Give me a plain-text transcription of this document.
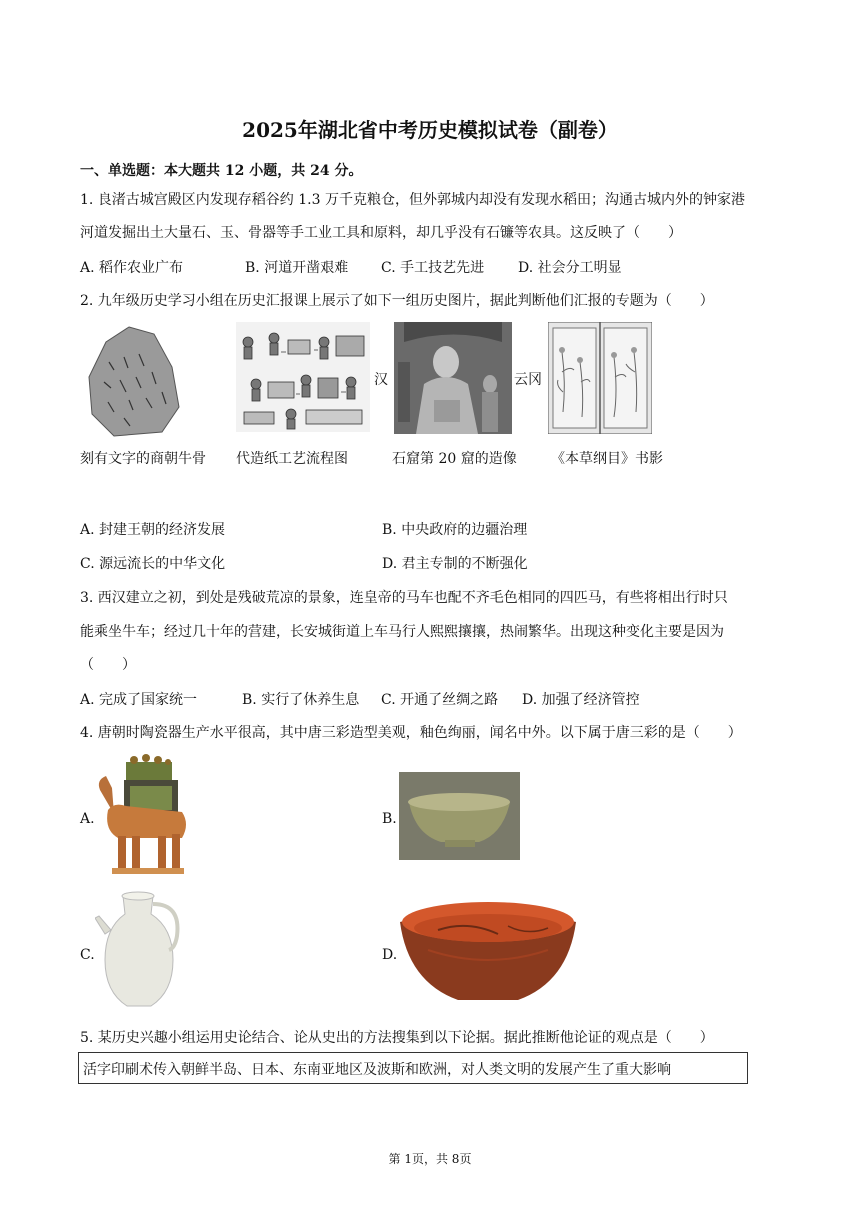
2025年湖北省中考历史模拟试卷（副卷）
一、单选题：本大题共 12 小题，共 24 分。
1. 良渚古城宫殿区内发现存稻谷约 1.3 万千克粮仓，但外郭城内却没有发现水稻田；沟通古城内外的钟家港
河道发掘出土大量石、玉、骨器等手工业工具和原料，却几乎没有石镰等农具。这反映了（　　）
A. 稻作农业广布	B. 河道开凿艰难 C. 手工技艺先进 D. 社会分工明显
2. 九年级历史学习小组在历史汇报课上展示了如下一组历史图片，据此判断他们汇报的专题为（　　）
汉	云冈
刻有文字的商朝牛骨 代造纸工艺流程图	石窟第 20 窟的造像 《本草纲目》书影
A. 封建王朝的经济发展	B. 中央政府的边疆治理
C. 源远流长的中华文化	D. 君主专制的不断强化
3. 西汉建立之初，到处是残破荒凉的景象，连皇帝的马车也配不齐毛色相同的四匹马，有些将相出行时只
能乘坐牛车；经过几十年的营建，长安城街道上车马行人熙熙攘攘，热闹繁华。出现这种变化主要是因为
（　　）
A. 完成了国家统一	B. 实行了休养生息 C. 开通了丝绸之路 D. 加强了经济管控
4. 唐朝时陶瓷器生产水平很高，其中唐三彩造型美观，釉色绚丽，闻名中外。以下属于唐三彩的是（　　）
A.	B.
C.	D.
5. 某历史兴趣小组运用史论结合、论从史出的方法搜集到以下论据。据此推断他论证的观点是（　　）
活字印刷术传入朝鲜半岛、日本、东南亚地区及波斯和欧洲，对人类文明的发展产生了重大影响
第 1页，共 8页
